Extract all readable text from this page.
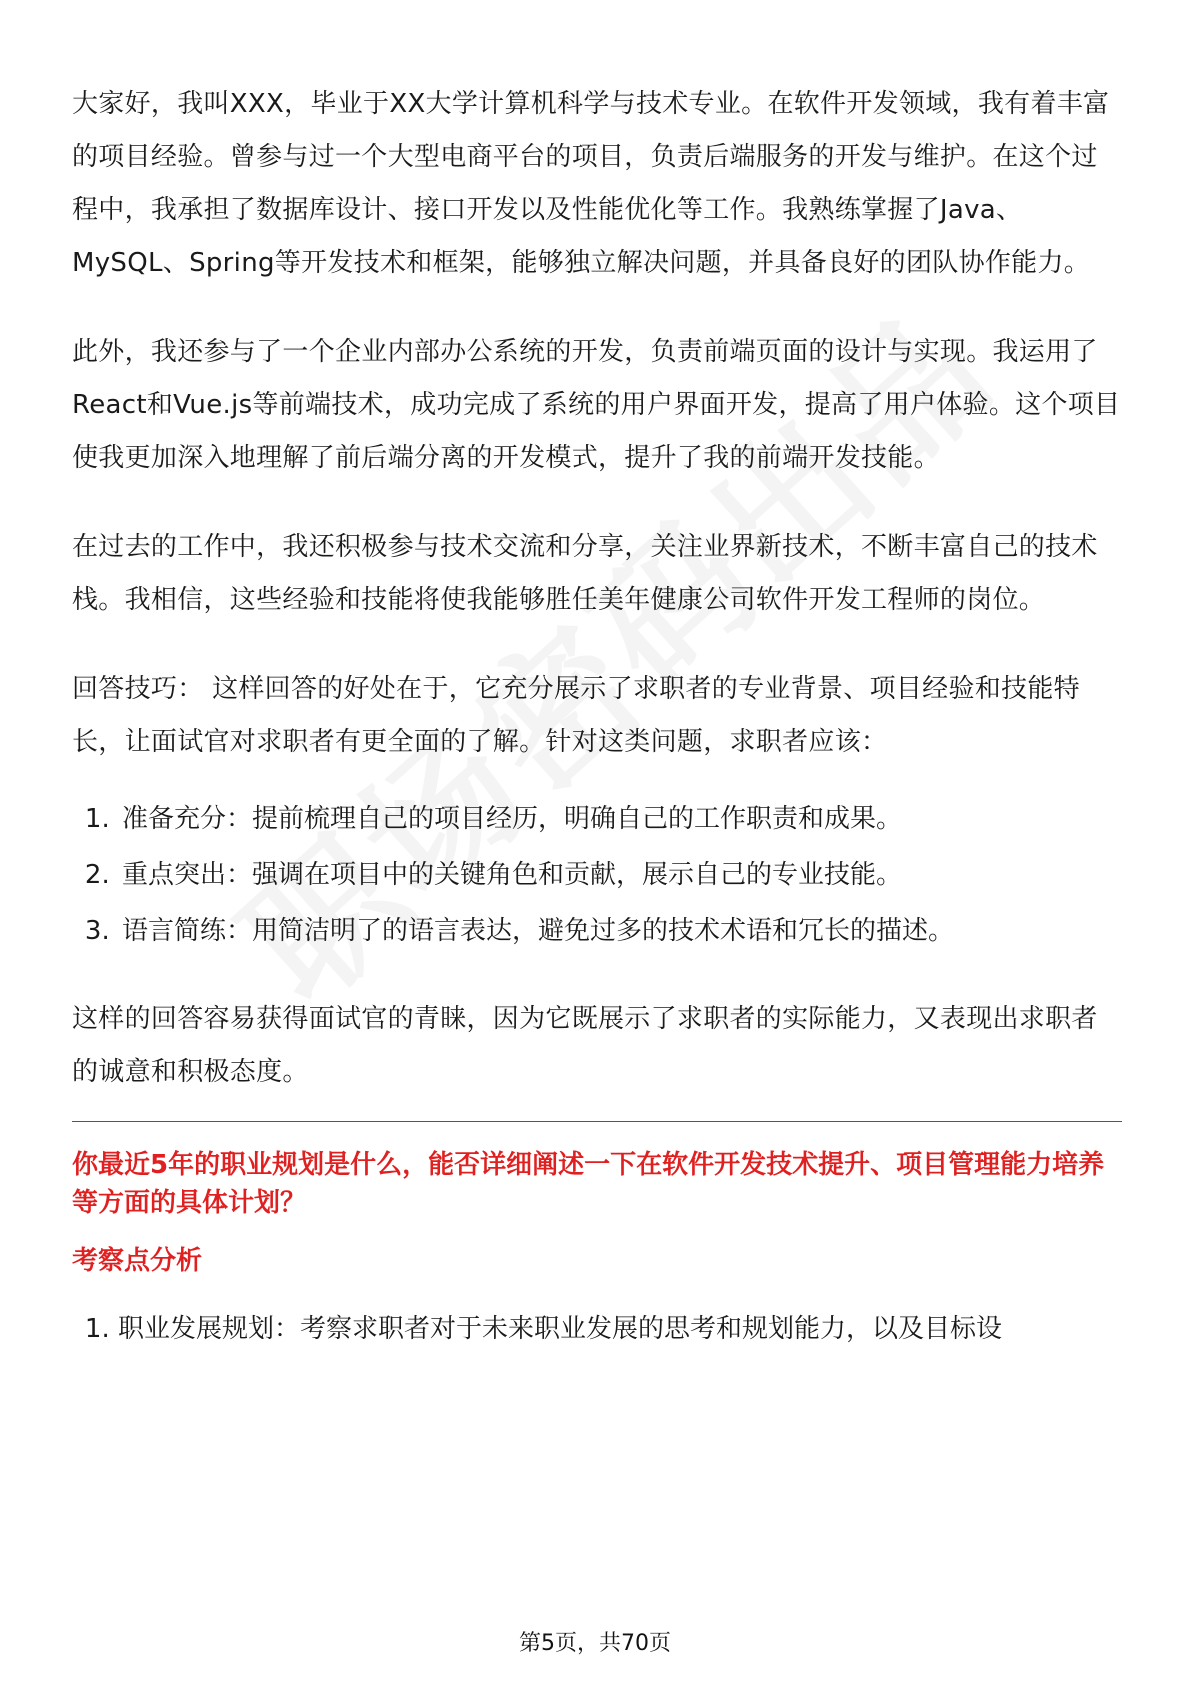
大家好，我叫XXX，毕业于XX大学计算机科学与技术专业。在软件开发领域，我有着丰富的项目经验。曾参与过一个大型电商平台的项目，负责后端服务的开发与维护。在这个过程中，我承担了数据库设计、接口开发以及性能优化等工作。我熟练掌握了Java、MySQL、Spring等开发技术和框架，能够独立解决问题，并具备良好的团队协作能力。

此外，我还参与了一个企业内部办公系统的开发，负责前端页面的设计与实现。我运用了React和Vue.js等前端技术，成功完成了系统的用户界面开发，提高了用户体验。这个项目使我更加深入地理解了前后端分离的开发模式，提升了我的前端开发技能。

在过去的工作中，我还积极参与技术交流和分享，关注业界新技术，不断丰富自己的技术栈。我相信，这些经验和技能将使我能够胜任美年健康公司软件开发工程师的岗位。

回答技巧： 这样回答的好处在于，它充分展示了求职者的专业背景、项目经验和技能特长，让面试官对求职者有更全面的了解。针对这类问题，求职者应该：

1. 准备充分：提前梳理自己的项目经历，明确自己的工作职责和成果。
2. 重点突出：强调在项目中的关键角色和贡献，展示自己的专业技能。
3. 语言简练：用简洁明了的语言表达，避免过多的技术术语和冗长的描述。

这样的回答容易获得面试官的青睐，因为它既展示了求职者的实际能力，又表现出求职者的诚意和积极态度。

你最近5年的职业规划是什么，能否详细阐述一下在软件开发技术提升、项目管理能力培养等方面的具体计划？
考察点分析
1. 职业发展规划：考察求职者对于未来职业发展的思考和规划能力，以及目标设
第5页，共70页
